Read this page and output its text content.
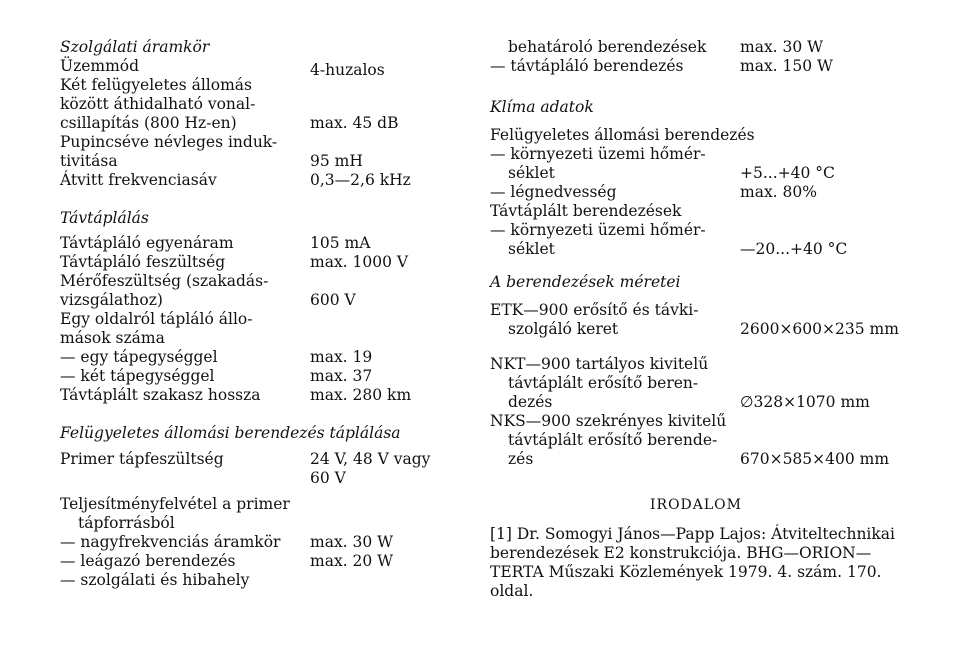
Szolgálati áramkör
Üzemmód	4-huzalos
Két felügyeletes állomás
között áthidalható vonal-
csillapítás (800 Hz-en)	max. 45 dB
Pupincséve névleges induk-
tivitása	95 mH
Átvitt frekvenciasáv	0,3—2,6 kHz
Távtáplálás
Távtápláló egyenáram	105 mA
Távtápláló feszültség	max. 1000 V
Mérőfeszültség (szakadás-
vizsgálathoz)	600 V
Egy oldalról tápláló állo-
mások száma
— egy tápegységgel	max. 19
— két tápegységgel	max. 37
Távtáplált szakasz hossza	max. 280 km
Felügyeletes állomási berendezés táplálása
Primer tápfeszültség	24 V, 48 V vagy
60 V
Teljesítményfelvétel a primer
tápforrásból
— nagyfrekvenciás áramkör	max. 30 W
— leágazó berendezés	max. 20 W
— szolgálati és hibahely
behatároló berendezések	max. 30 W
— távtápláló berendezés	max. 150 W
Klíma adatok
Felügyeletes állomási berendezés
— környezeti üzemi hőmér-
séklet	+5...+40 °C
— légnedvesség	max. 80%
Távtáplált berendezések
— környezeti üzemi hőmér-
séklet	—20...+40 °C
A berendezések méretei
ETK—900 erősítő és távki-
szolgáló keret	2600×600×235 mm
NKT—900 tartályos kivitelű
távtáplált erősítő beren-
dezés	∅328×1070 mm
NKS—900 szekrényes kivitelű
távtáplált erősítő berende-
zés	670×585×400 mm
IRODALOM
[1] Dr. Somogyi János—Papp Lajos: Átviteltechnikai berendezések E2 konstrukciója. BHG—ORION—TERTA Műszaki Közlemények 1979. 4. szám. 170. oldal.
